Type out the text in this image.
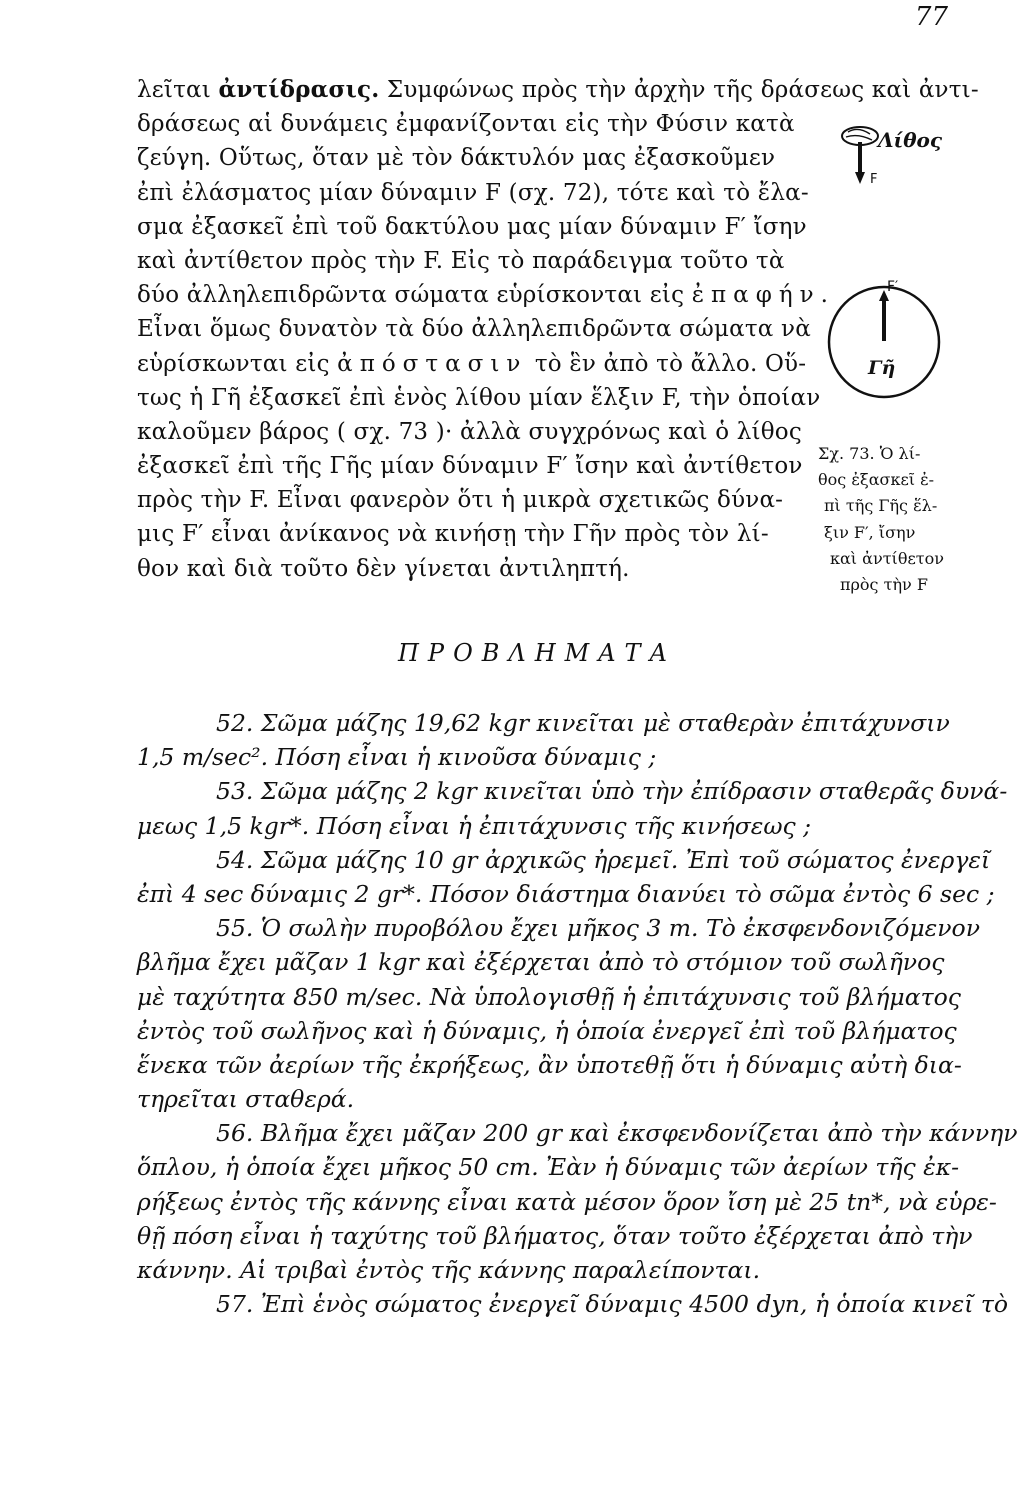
77
λεῖται ἀντίδρασις. Συμφώνως πρὸς τὴν ἀρχὴν τῆς δράσεως καὶ ἀντι-
δράσεως αἱ δυνάμεις ἐμφανίζονται εἰς τὴν Φύσιν κατὰ
ζεύγη. Οὕτως, ὅταν μὲ τὸν δάκτυλόν μας ἐξασκοῦμεν
ἐπὶ ἐλάσματος μίαν δύναμιν F (σχ. 72), τότε καὶ τὸ ἔλα-
σμα ἐξασκεῖ ἐπὶ τοῦ δακτύλου μας μίαν δύναμιν F′ ἴσην
καὶ ἀντίθετον πρὸς τὴν F. Εἰς τὸ παράδειγμα τοῦτο τὰ
δύο ἀλληλεπιδρῶντα σώματα εὑρίσκονται εἰς ἐπαφήν.
Εἶναι ὅμως δυνατὸν τὰ δύο ἀλληλεπιδρῶντα σώματα νὰ
εὑρίσκωνται εἰς ἀπόστασιν τὸ ἓν ἀπὸ τὸ ἄλλο. Οὕ-
τως ἡ Γῆ ἐξασκεῖ ἐπὶ ἑνὸς λίθου μίαν ἕλξιν F, τὴν ὁποίαν
καλοῦμεν βάρος ( σχ. 73 )· ἀλλὰ συγχρόνως καὶ ὁ λίθος
ἐξασκεῖ ἐπὶ τῆς Γῆς μίαν δύναμιν F′ ἴσην καὶ ἀντίθετον
πρὸς τὴν F. Εἶναι φανερὸν ὅτι ἡ μικρὰ σχετικῶς δύνα-
μις F′ εἶναι ἀνίκανος νὰ κινήσῃ τὴν Γῆν πρὸς τὸν λί-
θον καὶ διὰ τοῦτο δὲν γίνεται ἀντιληπτή.
Λίθος
F
F′
Γῆ
Σχ. 73. Ὁ λί-
θος ἐξασκεῖ ἐ-
πὶ τῆς Γῆς ἕλ-
ξιν F′, ἴσην
καὶ ἀντίθετον
πρὸς τὴν F
ΠΡΟΒΛΗΜΑΤΑ
52. Σῶμα μάζης 19,62 kgr κινεῖται μὲ σταθερὰν ἐπιτάχυνσιν
1,5 m/sec². Πόση εἶναι ἡ κινοῦσα δύναμις ;
53. Σῶμα μάζης 2 kgr κινεῖται ὑπὸ τὴν ἐπίδρασιν σταθερᾶς δυνά-
μεως 1,5 kgr*. Πόση εἶναι ἡ ἐπιτάχυνσις τῆς κινήσεως ;
54. Σῶμα μάζης 10 gr ἀρχικῶς ἠρεμεῖ. Ἐπὶ τοῦ σώματος ἐνεργεῖ
ἐπὶ 4 sec δύναμις 2 gr*. Πόσον διάστημα διανύει τὸ σῶμα ἐντὸς 6 sec ;
55. Ὁ σωλὴν πυροβόλου ἔχει μῆκος 3 m. Τὸ ἐκσφενδονιζόμενον
βλῆμα ἔχει μᾶζαν 1 kgr καὶ ἐξέρχεται ἀπὸ τὸ στόμιον τοῦ σωλῆνος
μὲ ταχύτητα 850 m/sec. Νὰ ὑπολογισθῇ ἡ ἐπιτάχυνσις τοῦ βλήματος
ἐντὸς τοῦ σωλῆνος καὶ ἡ δύναμις, ἡ ὁποία ἐνεργεῖ ἐπὶ τοῦ βλήματος
ἕνεκα τῶν ἀερίων τῆς ἐκρήξεως, ἂν ὑποτεθῇ ὅτι ἡ δύναμις αὐτὴ δια-
τηρεῖται σταθερά.
56. Βλῆμα ἔχει μᾶζαν 200 gr καὶ ἐκσφενδονίζεται ἀπὸ τὴν κάννην
ὅπλου, ἡ ὁποία ἔχει μῆκος 50 cm. Ἐὰν ἡ δύναμις τῶν ἀερίων τῆς ἐκ-
ρήξεως ἐντὸς τῆς κάννης εἶναι κατὰ μέσον ὅρον ἴση μὲ 25 tn*, νὰ εὑρε-
θῇ πόση εἶναι ἡ ταχύτης τοῦ βλήματος, ὅταν τοῦτο ἐξέρχεται ἀπὸ τὴν
κάννην. Αἱ τριβαὶ ἐντὸς τῆς κάννης παραλείπονται.
57. Ἐπὶ ἑνὸς σώματος ἐνεργεῖ δύναμις 4500 dyn, ἡ ὁποία κινεῖ τὸ
